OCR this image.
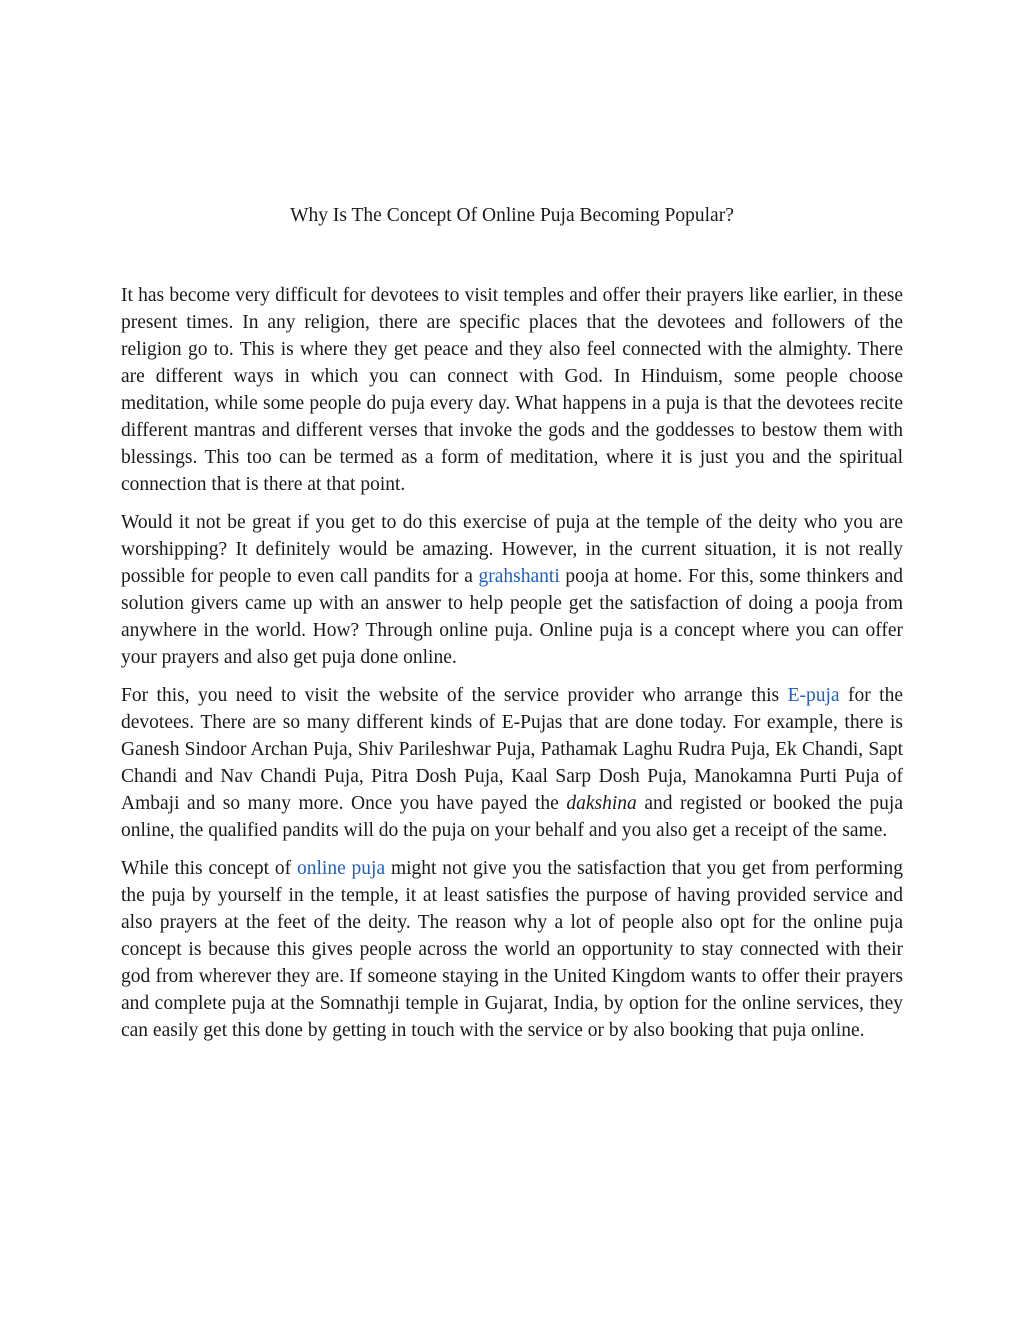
Why Is The Concept Of Online Puja Becoming Popular?

It has become very difficult for devotees to visit temples and offer their prayers like earlier, in these present times. In any religion, there are specific places that the devotees and followers of the religion go to. This is where they get peace and they also feel connected with the almighty. There are different ways in which you can connect with God. In Hinduism, some people choose meditation, while some people do puja every day. What happens in a puja is that the devotees recite different mantras and different verses that invoke the gods and the goddesses to bestow them with blessings. This too can be termed as a form of meditation, where it is just you and the spiritual connection that is there at that point.

Would it not be great if you get to do this exercise of puja at the temple of the deity who you are worshipping? It definitely would be amazing. However, in the current situation, it is not really possible for people to even call pandits for a grahshanti pooja at home. For this, some thinkers and solution givers came up with an answer to help people get the satisfaction of doing a pooja from anywhere in the world. How? Through online puja. Online puja is a concept where you can offer your prayers and also get puja done online.

For this, you need to visit the website of the service provider who arrange this E-puja for the devotees. There are so many different kinds of E-Pujas that are done today. For example, there is Ganesh Sindoor Archan Puja, Shiv Parileshwar Puja, Pathamak Laghu Rudra Puja, Ek Chandi, Sapt Chandi and Nav Chandi Puja, Pitra Dosh Puja, Kaal Sarp Dosh Puja, Manokamna Purti Puja of Ambaji and so many more. Once you have payed the dakshina and registed or booked the puja online, the qualified pandits will do the puja on your behalf and you also get a receipt of the same.

While this concept of online puja might not give you the satisfaction that you get from performing the puja by yourself in the temple, it at least satisfies the purpose of having provided service and also prayers at the feet of the deity. The reason why a lot of people also opt for the online puja concept is because this gives people across the world an opportunity to stay connected with their god from wherever they are. If someone staying in the United Kingdom wants to offer their prayers and complete puja at the Somnathji temple in Gujarat, India, by option for the online services, they can easily get this done by getting in touch with the service or by also booking that puja online.
